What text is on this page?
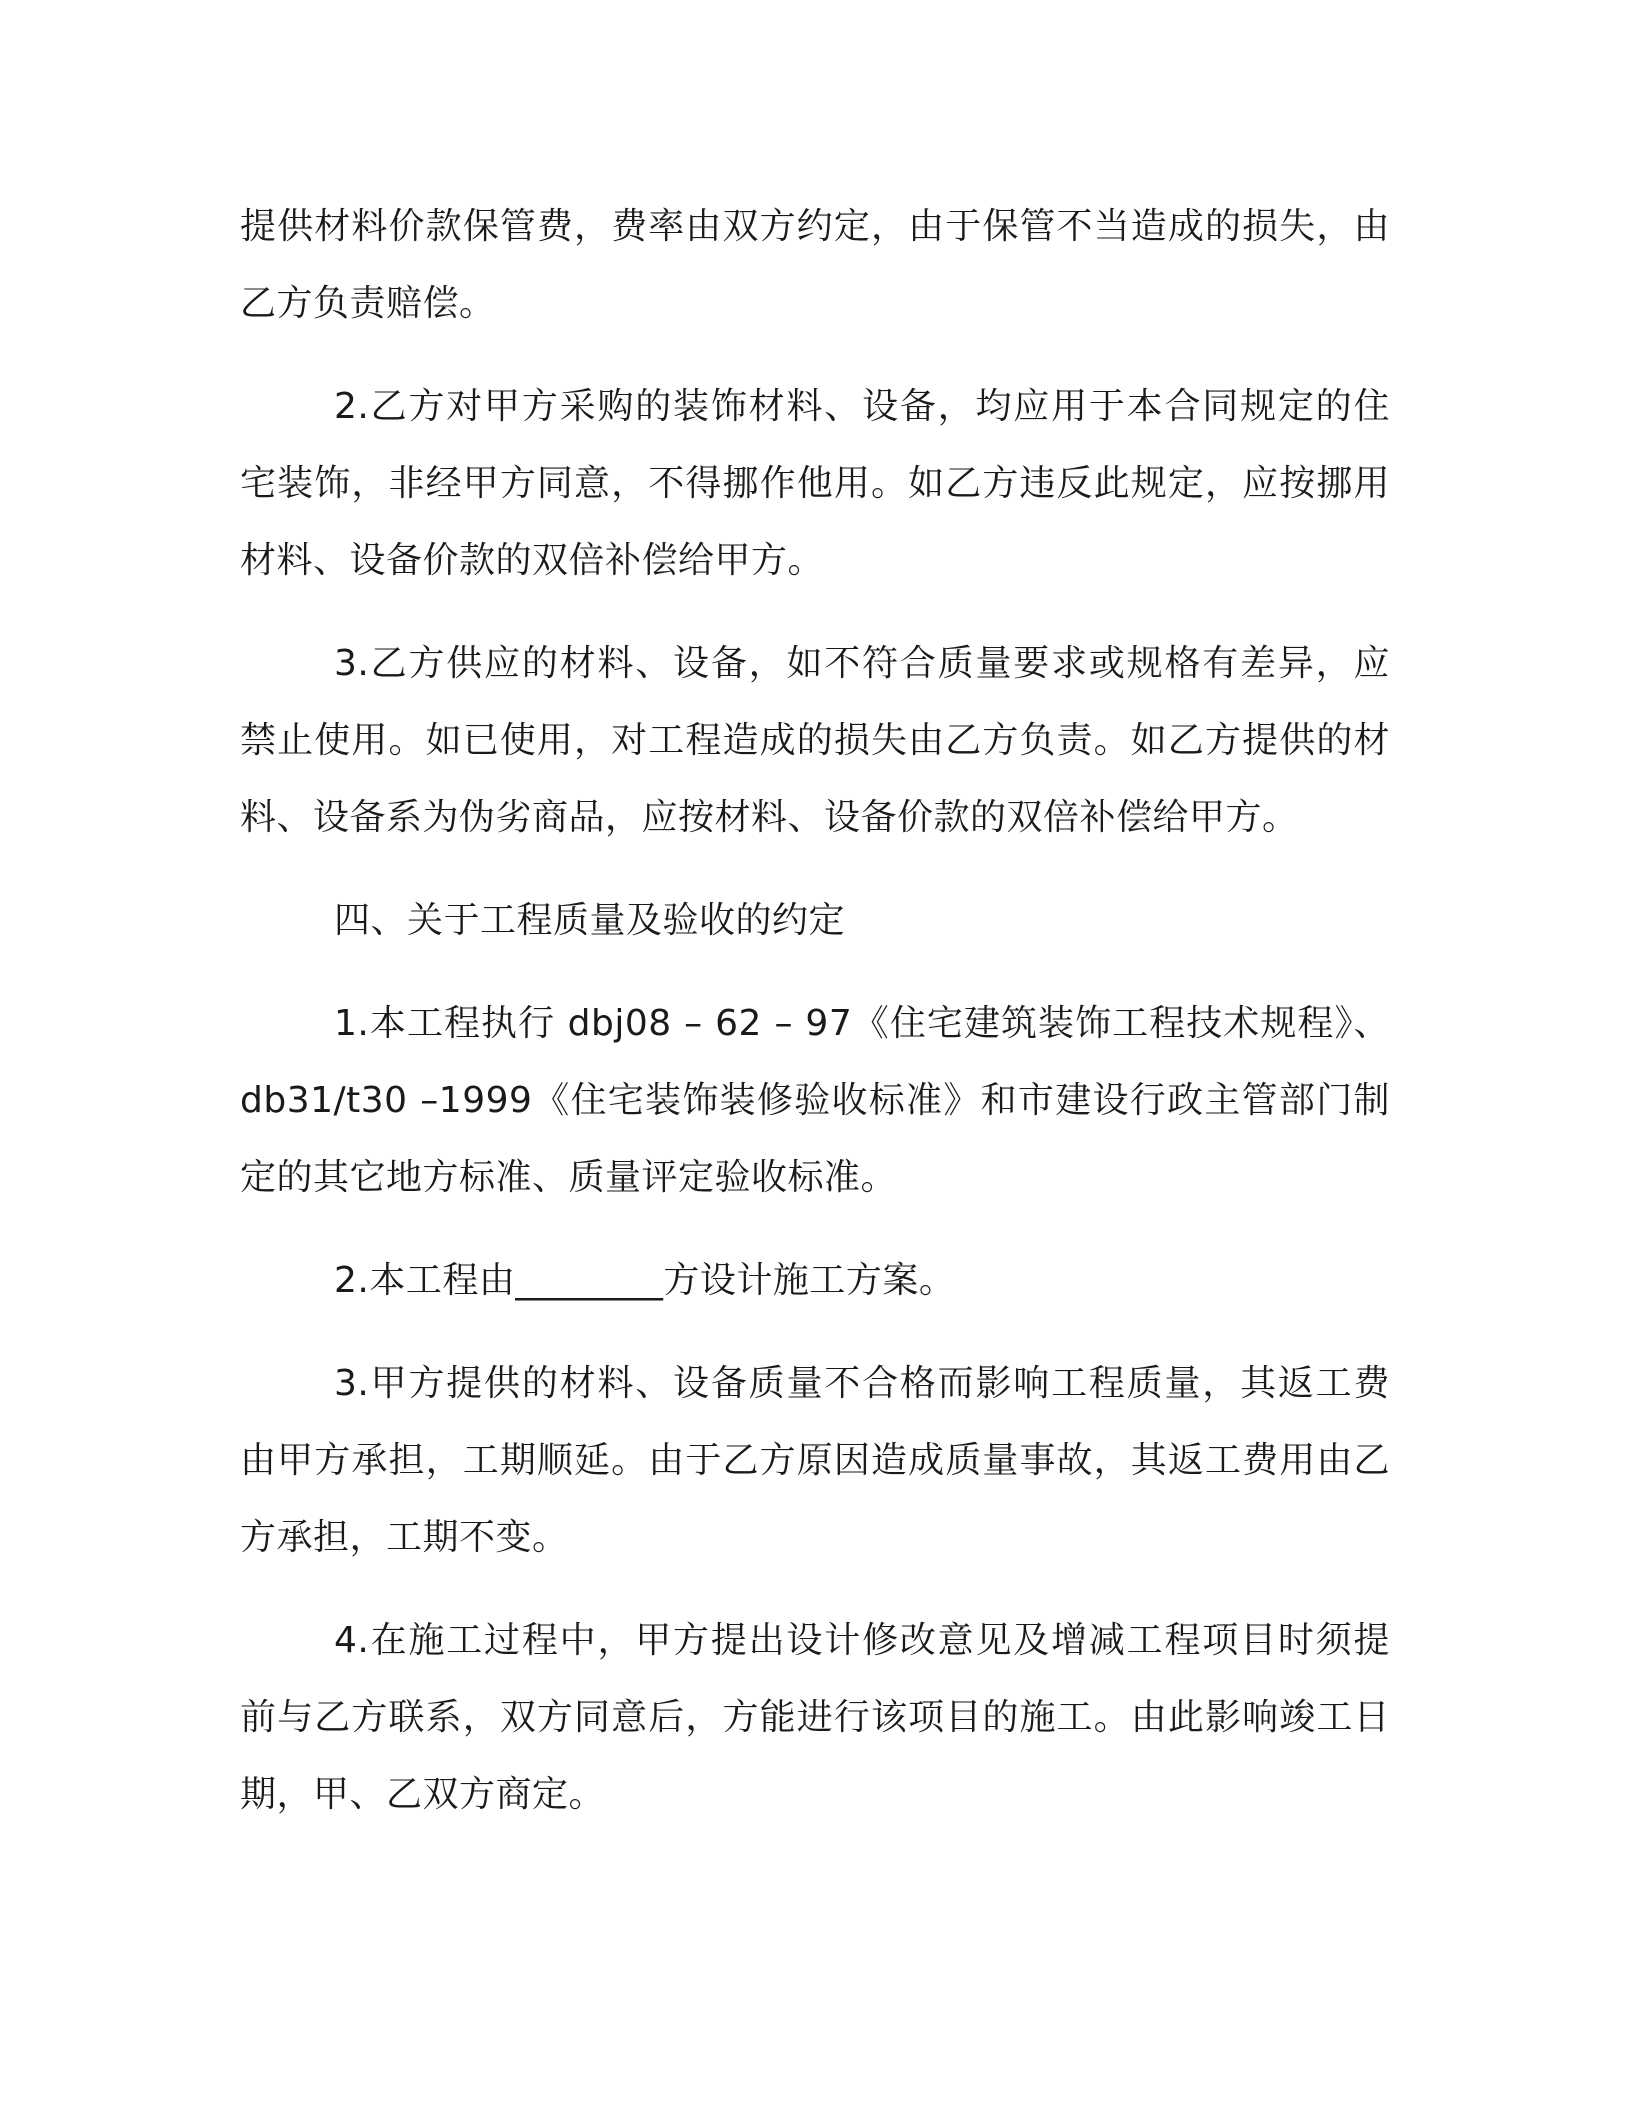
提供材料价款保管费，费率由双方约定，由于保管不当造成的损失，由乙方负责赔偿。

2.乙方对甲方采购的装饰材料、设备，均应用于本合同规定的住宅装饰，非经甲方同意，不得挪作他用。如乙方违反此规定，应按挪用材料、设备价款的双倍补偿给甲方。

3.乙方供应的材料、设备，如不符合质量要求或规格有差异，应禁止使用。如已使用，对工程造成的损失由乙方负责。如乙方提供的材料、设备系为伪劣商品，应按材料、设备价款的双倍补偿给甲方。

四、关于工程质量及验收的约定

1.本工程执行 dbj08 – 62 – 97《住宅建筑装饰工程技术规程》、db31/t30 –1999《住宅装饰装修验收标准》和市建设行政主管部门制定的其它地方标准、质量评定验收标准。

2.本工程由________方设计施工方案。

3.甲方提供的材料、设备质量不合格而影响工程质量，其返工费由甲方承担，工期顺延。由于乙方原因造成质量事故，其返工费用由乙方承担，工期不变。

4.在施工过程中，甲方提出设计修改意见及增减工程项目时须提前与乙方联系，双方同意后，方能进行该项目的施工。由此影响竣工日期，甲、乙双方商定。
